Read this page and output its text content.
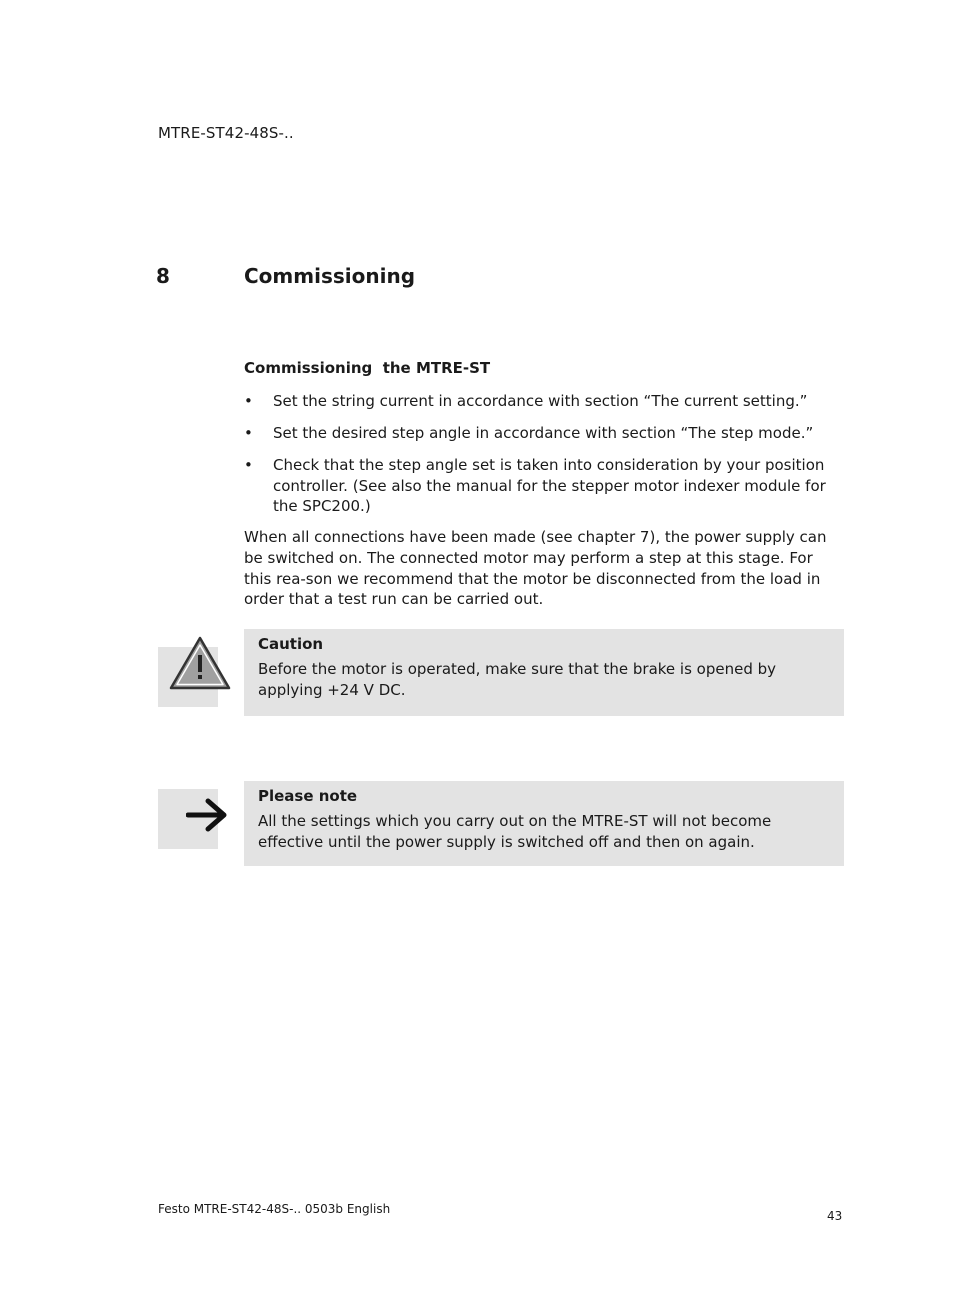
MTRE-ST42-48S-..
8	Commissioning
Commissioning  the MTRE-ST
• Set the string current in accordance with section “The current setting.”
• Set the desired step angle in accordance with section “The step mode.”
• Check that the step angle set is taken into consideration by your position controller. (See also the manual for the stepper motor indexer module for the SPC200.)

When all connections have been made (see chapter 7), the power supply can be switched on. The connected motor may perform a step at this stage. For this rea-son we recommend that the motor be disconnected from the load in order that a test run can be carried out.

Caution
Before the motor is operated, make sure that the brake is opened by applying +24 V DC.
Please note
All the settings which you carry out on the MTRE-ST will not become effective until the power supply is switched off and then on again.
Festo MTRE-ST42-48S-.. 0503b English	43
